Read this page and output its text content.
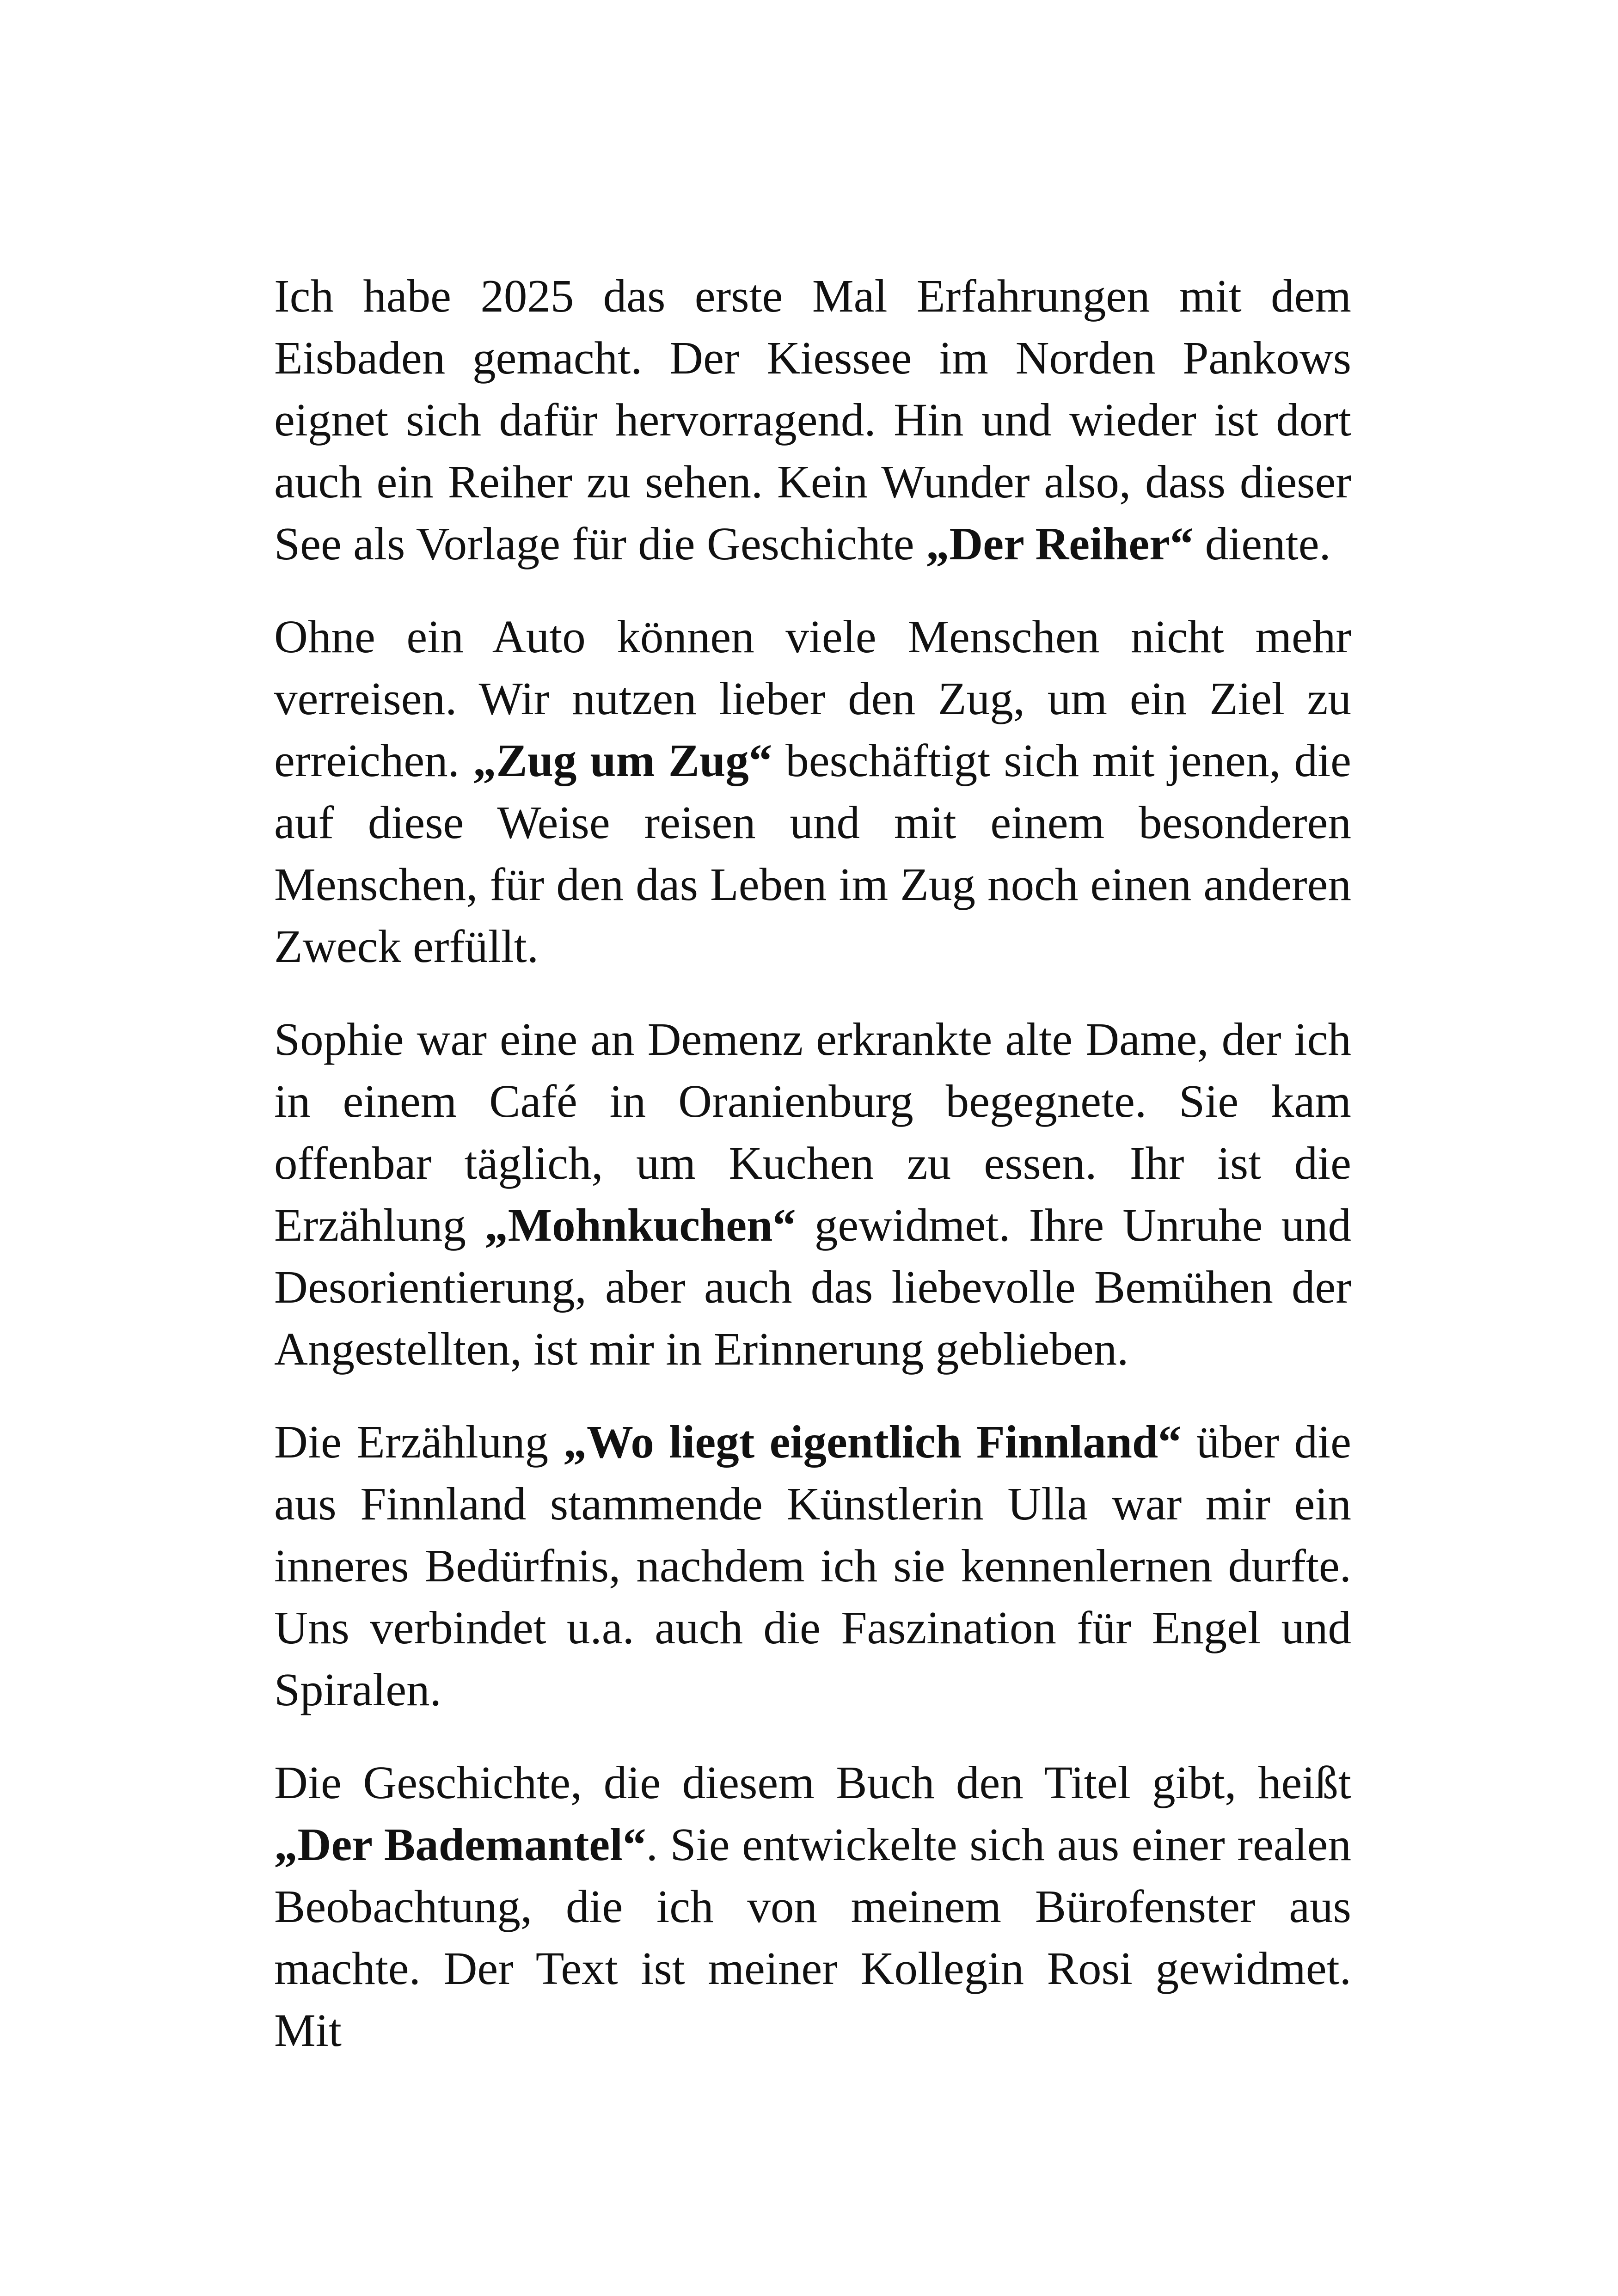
Ich habe 2025 das erste Mal Erfahrungen mit dem Eisbaden gemacht. Der Kiessee im Norden Pankows eignet sich dafür hervorragend. Hin und wieder ist dort auch ein Reiher zu sehen. Kein Wunder also, dass dieser See als Vorlage für die Geschichte „Der Reiher“ diente.

Ohne ein Auto können viele Menschen nicht mehr verreisen. Wir nutzen lieber den Zug, um ein Ziel zu erreichen. „Zug um Zug“ beschäftigt sich mit jenen, die auf diese Weise reisen und mit einem besonderen Menschen, für den das Leben im Zug noch einen anderen Zweck erfüllt.

Sophie war eine an Demenz erkrankte alte Dame, der ich in einem Café in Oranienburg begegnete. Sie kam offenbar täglich, um Kuchen zu essen. Ihr ist die Erzählung „Mohnkuchen“ gewidmet. Ihre Unruhe und Desorientierung, aber auch das liebevolle Bemühen der Angestellten, ist mir in Erinnerung geblieben.

Die Erzählung „Wo liegt eigentlich Finnland“ über die aus Finnland stammende Künstlerin Ulla war mir ein inneres Bedürfnis, nachdem ich sie kennenlernen durfte. Uns verbindet u.a. auch die Faszination für Engel und Spiralen.

Die Geschichte, die diesem Buch den Titel gibt, heißt „Der Bademantel“. Sie entwickelte sich aus einer realen Beobachtung, die ich von meinem Bürofenster aus machte. Der Text ist meiner Kollegin Rosi gewidmet. Mit
